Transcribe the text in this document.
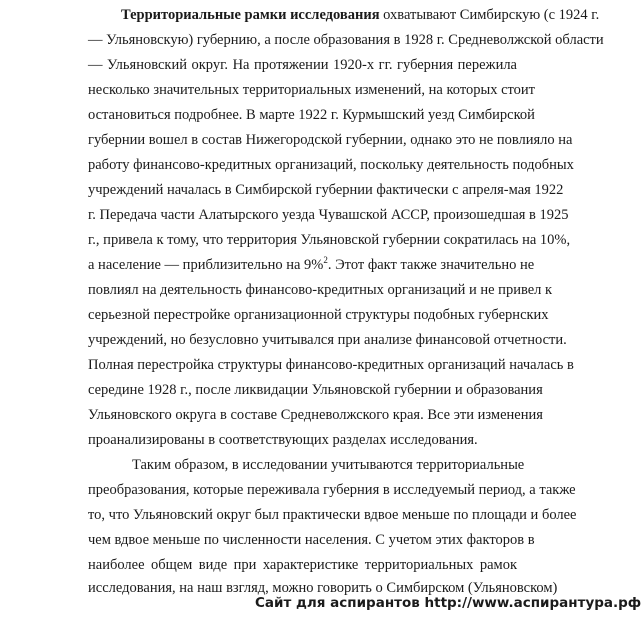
Территориальные рамки исследования охватывают Симбирскую (с 1924 г.
— Ульяновскую) губернию, а после образования в 1928 г. Средневолжской области
— Ульяновский округ. На протяжении 1920-х гг. губерния пережила
несколько значительных территориальных изменений, на которых стоит
остановиться подробнее. В марте 1922 г. Курмышский уезд Симбирской
губернии вошел в состав Нижегородской губернии, однако это не повлияло на
работу финансово-кредитных организаций, поскольку деятельность подобных
учреждений началась в Симбирской губернии фактически с апреля-мая 1922
г. Передача части Алатырского уезда Чувашской АССР, произошедшая в 1925
г., привела к тому, что территория Ульяновской губернии сократилась на 10%,
а население — приблизительно на 9%$^2$. Этот факт также значительно не
повлиял на деятельность финансово-кредитных организаций и не привел к
серьезной перестройке организационной структуры подобных губернских
учреждений, но безусловно учитывался при анализе финансовой отчетности.
Полная перестройка структуры финансово-кредитных организаций началась в
середине 1928 г., после ликвидации Ульяновской губернии и образования
Ульяновского округа в составе Средневолжского края. Все эти изменения
проанализированы в соответствующих разделах исследования.
Таким образом, в исследовании учитываются территориальные
преобразования, которые переживала губерния в исследуемый период, а также
то, что Ульяновский округ был практически вдвое меньше по площади и более
чем вдвое меньше по численности населения. С учетом этих факторов в
наиболее общем виде при характеристике территориальных рамок
исследования, на наш взгляд, можно говорить о Симбирском (Ульяновском)
Сайт для аспирантов http://www.аспирантура.рф
